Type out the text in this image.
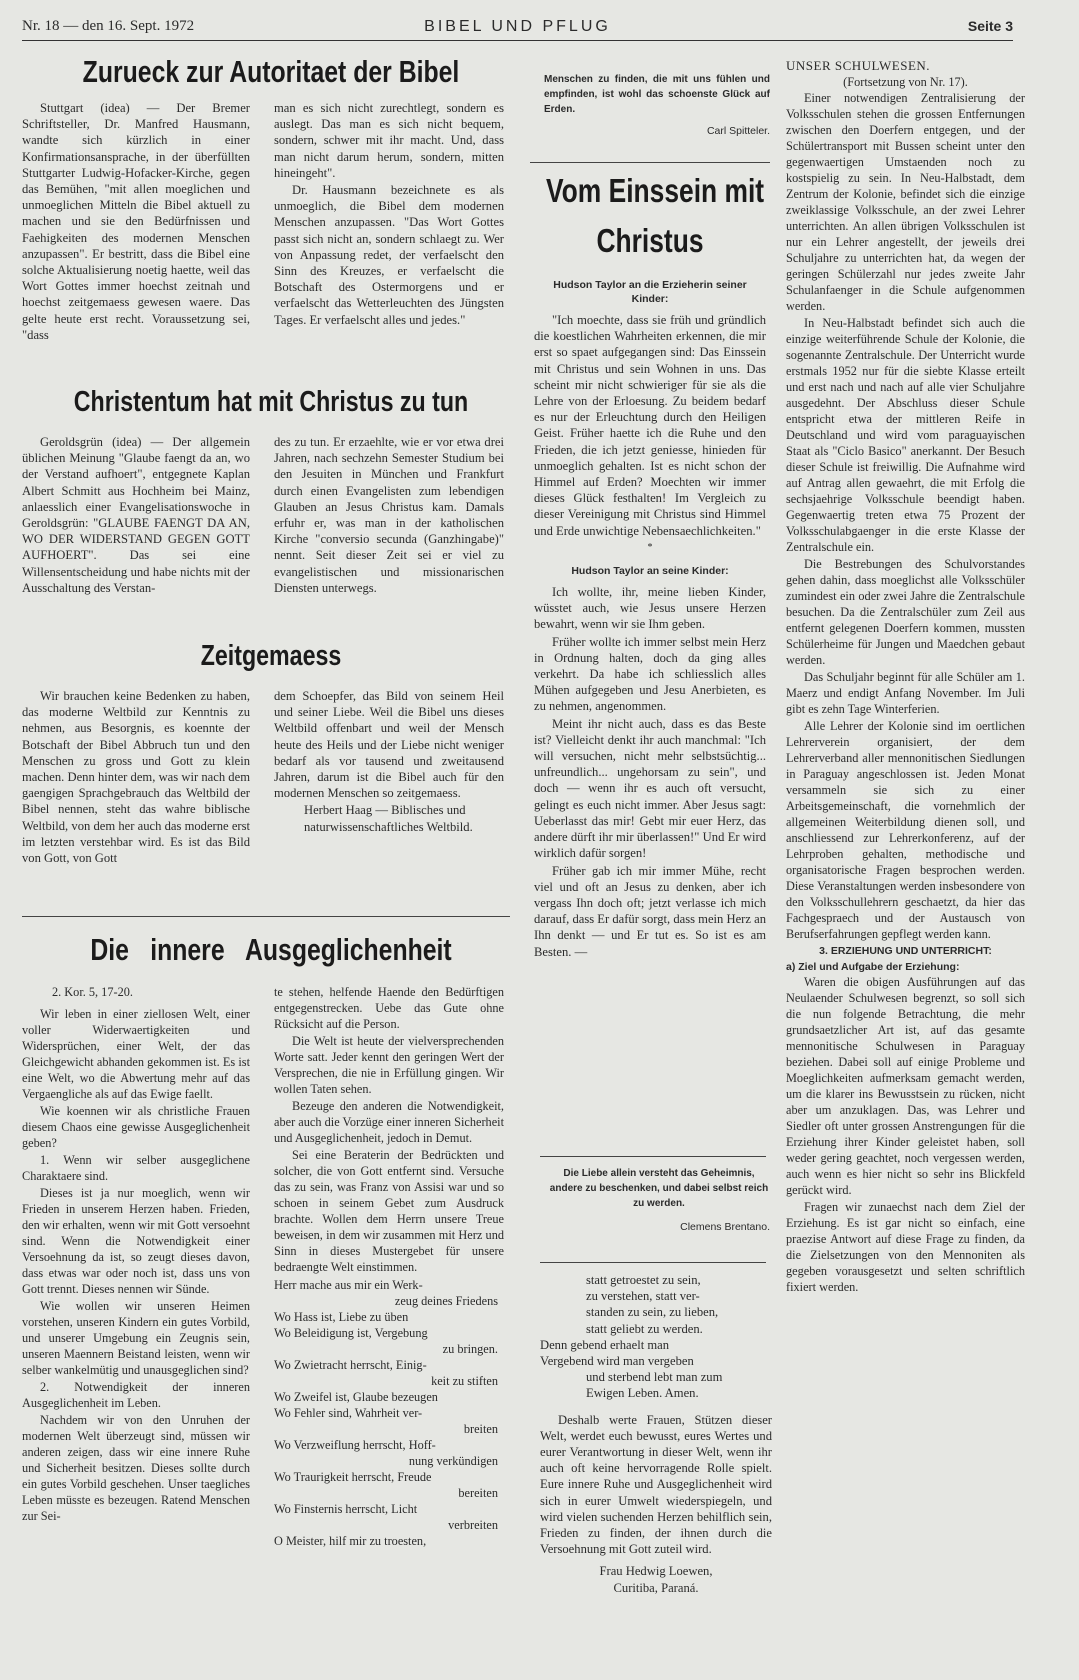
Nr. 18 — den 16. Sept. 1972	BIBEL UND PFLUG	Seite 3
Zurueck zur Autoritaet der Bibel

Stuttgart (idea) — Der Bremer Schriftsteller, Dr. Manfred Hausmann, wandte sich kürzlich in einer Konfirmationsansprache, in der überfüllten Stuttgarter Ludwig-Hofacker-Kirche, gegen das Bemühen, "mit allen moeglichen und unmoeglichen Mitteln die Bibel aktuell zu machen und sie den Bedürfnissen und Faehigkeiten des modernen Menschen anzupassen". Er bestritt, dass die Bibel eine solche Aktualisierung noetig haette, weil das Wort Gottes immer hoechst zeitnah und hoechst zeitgemaess gewesen waere. Das gelte heute erst recht. Voraussetzung sei, "dass

man es sich nicht zurechtlegt, sondern es auslegt. Das man es sich nicht bequem, sondern, schwer mit ihr macht. Und, dass man nicht darum herum, sondern, mitten hineingeht".

Dr. Hausmann bezeichnete es als unmoeglich, die Bibel dem modernen Menschen anzupassen. "Das Wort Gottes passt sich nicht an, sondern schlaegt zu. Wer von Anpassung redet, der verfaelscht den Sinn des Kreuzes, er verfaelscht die Botschaft des Ostermorgens und er verfaelscht das Wetterleuchten des Jüngsten Tages. Er verfaelscht alles und jedes."

Christentum hat mit Christus zu tun

Geroldsgrün (idea) — Der allgemein üblichen Meinung "Glaube faengt da an, wo der Verstand aufhoert", entgegnete Kaplan Albert Schmitt aus Hochheim bei Mainz, anlaesslich einer Evangelisationswoche in Geroldsgrün: "GLAUBE FAENGT DA AN, WO DER WIDERSTAND GEGEN GOTT AUFHOERT". Das sei eine Willensentscheidung und habe nichts mit der Ausschaltung des Verstan-

des zu tun. Er erzaehlte, wie er vor etwa drei Jahren, nach sechzehn Semester Studium bei den Jesuiten in München und Frankfurt durch einen Evangelisten zum lebendigen Glauben an Jesus Christus kam. Damals erfuhr er, was man in der katholischen Kirche "conversio secunda (Ganzhingabe)" nennt. Seit dieser Zeit sei er viel zu evangelistischen und missionarischen Diensten unterwegs.

Zeitgemaess

Wir brauchen keine Bedenken zu haben, das moderne Weltbild zur Kenntnis zu nehmen, aus Besorgnis, es koennte der Botschaft der Bibel Abbruch tun und den Menschen zu gross und Gott zu klein machen. Denn hinter dem, was wir nach dem gaengigen Sprachgebrauch das Weltbild der Bibel nennen, steht das wahre biblische Weltbild, von dem her auch das moderne erst im letzten verstehbar wird. Es ist das Bild von Gott, von Gott

dem Schoepfer, das Bild von seinem Heil und seiner Liebe. Weil die Bibel uns dieses Weltbild offenbart und weil der Mensch heute des Heils und der Liebe nicht weniger bedarf als vor tausend und zweitausend Jahren, darum ist die Bibel auch für den modernen Menschen so zeitgemaess.

Herbert Haag — Biblisches und naturwissenschaftliches Weltbild.

Die innere Ausgeglichenheit

2. Kor. 5, 17-20.

Wir leben in einer ziellosen Welt, einer voller Widerwaertigkeiten und Widersprüchen, einer Welt, der das Gleichgewicht abhanden gekommen ist. Es ist eine Welt, wo die Abwertung mehr auf das Vergaengliche als auf das Ewige faellt.

Wie koennen wir als christliche Frauen diesem Chaos eine gewisse Ausgeglichenheit geben?

1. Wenn wir selber ausgeglichene Charaktaere sind.

Dieses ist ja nur moeglich, wenn wir Frieden in unserem Herzen haben. Frieden, den wir erhalten, wenn wir mit Gott versoehnt sind. Wenn die Notwendigkeit einer Versoehnung da ist, so zeugt dieses davon, dass etwas war oder noch ist, dass uns von Gott trennt. Dieses nennen wir Sünde.

Wie wollen wir unseren Heimen vorstehen, unseren Kindern ein gutes Vorbild, und unserer Umgebung ein Zeugnis sein, unseren Maennern Beistand leisten, wenn wir selber wankelmütig und unausgeglichen sind?

2. Notwendigkeit der inneren Ausgeglichenheit im Leben.

Nachdem wir von den Unruhen der modernen Welt überzeugt sind, müssen wir anderen zeigen, dass wir eine innere Ruhe und Sicherheit besitzen. Dieses sollte durch ein gutes Vorbild geschehen. Unser taegliches Leben müsste es bezeugen. Ratend Menschen zur Sei-

te stehen, helfende Haende den Bedürftigen entgegenstrecken. Uebe das Gute ohne Rücksicht auf die Person.

Die Welt ist heute der vielversprechenden Worte satt. Jeder kennt den geringen Wert der Versprechen, die nie in Erfüllung gingen. Wir wollen Taten sehen.

Bezeuge den anderen die Notwendigkeit, aber auch die Vorzüge einer inneren Sicherheit und Ausgeglichenheit, jedoch in Demut.

Sei eine Beraterin der Bedrückten und solcher, die von Gott entfernt sind. Versuche das zu sein, was Franz von Assisi war und so schoen in seinem Gebet zum Ausdruck brachte. Wollen dem Herrn unsere Treue beweisen, in dem wir zusammen mit Herz und Sinn in dieses Mustergebet für unsere bedraengte Welt einstimmen.

Herr mache aus mir ein Werk-

zeug deines Friedens

Wo Hass ist, Liebe zu üben

Wo Beleidigung ist, Vergebung

zu bringen.

Wo Zwietracht herrscht, Einig-

keit zu stiften

Wo Zweifel ist, Glaube bezeugen

Wo Fehler sind, Wahrheit ver-

breiten

Wo Verzweiflung herrscht, Hoff-

nung verkündigen

Wo Traurigkeit herrscht, Freude

bereiten

Wo Finsternis herrscht, Licht

verbreiten

O Meister, hilf mir zu troesten,

Menschen zu finden, die mit uns fühlen und empfinden, ist wohl das schoenste Glück auf Erden.
Carl Spitteler.
Vom Einssein mit
Christus
Hudson Taylor an die Erzieherin seiner Kinder:

"Ich moechte, dass sie früh und gründlich die koestlichen Wahrheiten erkennen, die mir erst so spaet aufgegangen sind: Das Einssein mit Christus und sein Wohnen in uns. Das scheint mir nicht schwieriger für sie als die Lehre von der Erloesung. Zu beidem bedarf es nur der Erleuchtung durch den Heiligen Geist. Früher haette ich die Ruhe und den Frieden, die ich jetzt geniesse, hinieden für unmoeglich gehalten. Ist es nicht schon der Himmel auf Erden? Moechten wir immer dieses Glück festhalten! Im Vergleich zu dieser Vereinigung mit Christus sind Himmel und Erde unwichtige Nebensaechlichkeiten."

*
Hudson Taylor an seine Kinder:

Ich wollte, ihr, meine lieben Kinder, wüsstet auch, wie Jesus unsere Herzen bewahrt, wenn wir sie Ihm geben.

Früher wollte ich immer selbst mein Herz in Ordnung halten, doch da ging alles verkehrt. Da habe ich schliesslich alles Mühen aufgegeben und Jesu Anerbieten, es zu nehmen, angenommen.

Meint ihr nicht auch, dass es das Beste ist? Vielleicht denkt ihr auch manchmal: "Ich will versuchen, nicht mehr selbstsüchtig... unfreundlich... ungehorsam zu sein", und doch — wenn ihr es auch oft versucht, gelingt es euch nicht immer. Aber Jesus sagt: Ueberlasst das mir! Gebt mir euer Herz, das andere dürft ihr mir überlassen!" Und Er wird wirklich dafür sorgen!

Früher gab ich mir immer Mühe, recht viel und oft an Jesus zu denken, aber ich vergass Ihn doch oft; jetzt verlasse ich mich darauf, dass Er dafür sorgt, dass mein Herz an Ihn denkt — und Er tut es. So ist es am Besten. —

Die Liebe allein versteht das Geheimnis, andere zu beschenken, und dabei selbst reich zu werden.
Clemens Brentano.

statt getroestet zu sein,

zu verstehen, statt ver-

standen zu sein, zu lieben,

statt geliebt zu werden.

Denn gebend erhaelt man

Vergebend wird man vergeben

und sterbend lebt man zum

Ewigen Leben. Amen.

Deshalb werte Frauen, Stützen dieser Welt, werdet euch bewusst, eures Wertes und eurer Verantwortung in dieser Welt, wenn ihr auch oft keine hervorragende Rolle spielt. Eure innere Ruhe und Ausgeglichenheit wird sich in eurer Umwelt wiederspiegeln, und wird vielen suchenden Herzen behilflich sein, Frieden zu finden, der ihnen durch die Versoehnung mit Gott zuteil wird.

Frau Hedwig Loewen,
Curitiba, Paraná.
UNSER SCHULWESEN.
(Fortsetzung von Nr. 17).

Einer notwendigen Zentralisierung der Volksschulen stehen die grossen Entfernungen zwischen den Doerfern entgegen, und der Schülertransport mit Bussen scheint unter den gegenwaertigen Umstaenden noch zu kostspielig zu sein. In Neu-Halbstadt, dem Zentrum der Kolonie, befindet sich die einzige zweiklassige Volksschule, an der zwei Lehrer unterrichten. An allen übrigen Volksschulen ist nur ein Lehrer angestellt, der jeweils drei Schuljahre zu unterrichten hat, da wegen der geringen Schülerzahl nur jedes zweite Jahr Schulanfaenger in die Schule aufgenommen werden.

In Neu-Halbstadt befindet sich auch die einzige weiterführende Schule der Kolonie, die sogenannte Zentralschule. Der Unterricht wurde erstmals 1952 nur für die siebte Klasse erteilt und erst nach und nach auf alle vier Schuljahre ausgedehnt. Der Abschluss dieser Schule entspricht etwa der mittleren Reife in Deutschland und wird vom paraguayischen Staat als "Ciclo Basico" anerkannt. Der Besuch dieser Schule ist freiwillig. Die Aufnahme wird auf Antrag allen gewaehrt, die mit Erfolg die sechsjaehrige Volksschule beendigt haben. Gegenwaertig treten etwa 75 Prozent der Volksschulabgaenger in die erste Klasse der Zentralschule ein.

Die Bestrebungen des Schulvorstandes gehen dahin, dass moeglichst alle Volksschüler zumindest ein oder zwei Jahre die Zentralschule besuchen. Da die Zentralschüler zum Zeil aus entfernt gelegenen Doerfern kommen, mussten Schülerheime für Jungen und Maedchen gebaut werden.

Das Schuljahr beginnt für alle Schüler am 1. Maerz und endigt Anfang November. Im Juli gibt es zehn Tage Winterferien.

Alle Lehrer der Kolonie sind im oertlichen Lehrerverein organisiert, der dem Lehrerverband aller mennonitischen Siedlungen in Paraguay angeschlossen ist. Jeden Monat versammeln sie sich zu einer Arbeitsgemeinschaft, die vornehmlich der allgemeinen Weiterbildung dienen soll, und anschliessend zur Lehrerkonferenz, auf der Lehrproben gehalten, methodische und organisatorische Fragen besprochen werden. Diese Veranstaltungen werden insbesondere von den Volksschullehrern geschaetzt, da hier das Fachgespraech und der Austausch von Berufserfahrungen gepflegt werden kann.

3. ERZIEHUNG UND UNTERRICHT:
a) Ziel und Aufgabe der Erziehung:

Waren die obigen Ausführungen auf das Neulaender Schulwesen begrenzt, so soll sich die nun folgende Betrachtung, die mehr grundsaetzlicher Art ist, auf das gesamte mennonitische Schulwesen in Paraguay beziehen. Dabei soll auf einige Probleme und Moeglichkeiten aufmerksam gemacht werden, um die klarer ins Bewusstsein zu rücken, nicht aber um anzuklagen. Das, was Lehrer und Siedler oft unter grossen Anstrengungen für die Erziehung ihrer Kinder geleistet haben, soll weder gering geachtet, noch vergessen werden, auch wenn es hier nicht so sehr ins Blickfeld gerückt wird.

Fragen wir zunaechst nach dem Ziel der Erziehung. Es ist gar nicht so einfach, eine praezise Antwort auf diese Frage zu finden, da die Zielsetzungen von den Mennoniten als gegeben vorausgesetzt und selten schriftlich fixiert werden.
